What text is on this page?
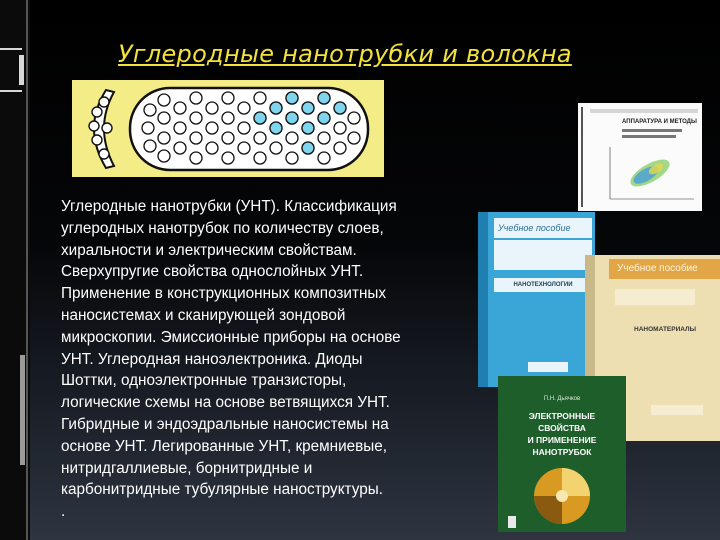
Углеродные нанотрубки и волокна
Углеродные нанотрубки (УНТ). Классификация
углеродных нанотрубок по количеству слоев,
хиральности и электрическим свойствам.
Сверхупругие свойства однослойных УНТ.
Применение в конструкционных композитных
наносистемах и сканирующей зондовой
микроскопии. Эмиссионные приборы на основе
УНТ. Углеродная наноэлектроника. Диоды
Шоттки, одноэлектронные транзисторы,
логические схемы на основе ветвящихся УНТ.
Гибридные и эндоэдральные наносистемы на
основе УНТ. Легированные УНТ, кремниевые,
нитридгаллиевые, борнитридные и
карбонитридные тубулярные наноструктуры.
.
АППАРАТУРА И МЕТОДЫ
Учебное пособие
НАНОТЕХНОЛОГИИ
Учебное пособие
НАНОМАТЕРИАЛЫ
П.Н. Дьячков
ЭЛЕКТРОННЫЕ
СВОЙСТВА
И ПРИМЕНЕНИЕ
НАНОТРУБОК
